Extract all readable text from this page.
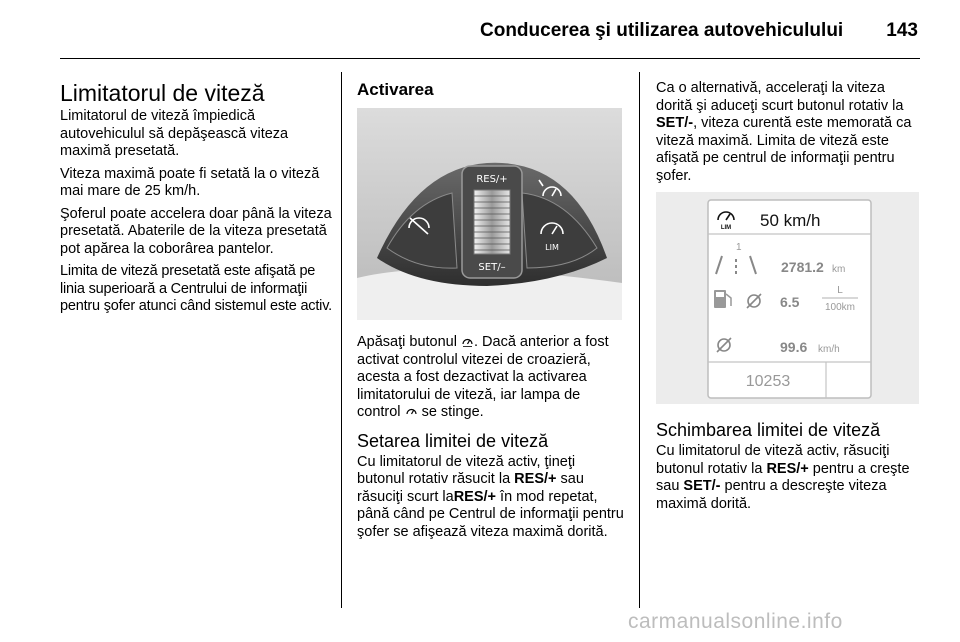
Conducerea şi utilizarea autovehiculului	143
Limitatorul de viteză

Limitatorul de viteză împiedică autovehiculul să depăşească viteza maximă presetată.

Viteza maximă poate fi setată la o viteză mai mare de 25 km/h.

Şoferul poate accelera doar până la viteza presetată. Abaterile de la viteza presetată pot apărea la coborârea pantelor.

Limita de viteză presetată este afişată pe linia superioară a Centrului de informaţii pentru şofer atunci când sistemul este activ.

Activarea
RES/+
SET/–
LIM

Apăsaţi butonul . Dacă anterior a fost activat controlul vitezei de croazieră, acesta a fost dezactivat la activarea limitatorului de viteză, iar lampa de control se stinge.

Setarea limitei de viteză

Cu limitatorul de viteză activ, ţineţi butonul rotativ răsucit la RES/+ sau răsuciţi scurt laRES/+ în mod repetat, până când pe Centrul de informaţii pentru şofer se afişează viteza maximă dorită.

Ca o alternativă, acceleraţi la viteza dorită şi aduceţi scurt butonul rotativ la SET/-, viteza curentă este memorată ca viteză maximă. Limita de viteză este afişată pe centrul de informaţii pentru şofer.

LIM 50 km/h
1
2781.2 km
6.5
L
100km
99.6 km/h
10253
Schimbarea limitei de viteză

Cu limitatorul de viteză activ, răsuciţi butonul rotativ la RES/+ pentru a creşte sau SET/- pentru a descreşte viteza maximă dorită.

carmanualsonline.info
